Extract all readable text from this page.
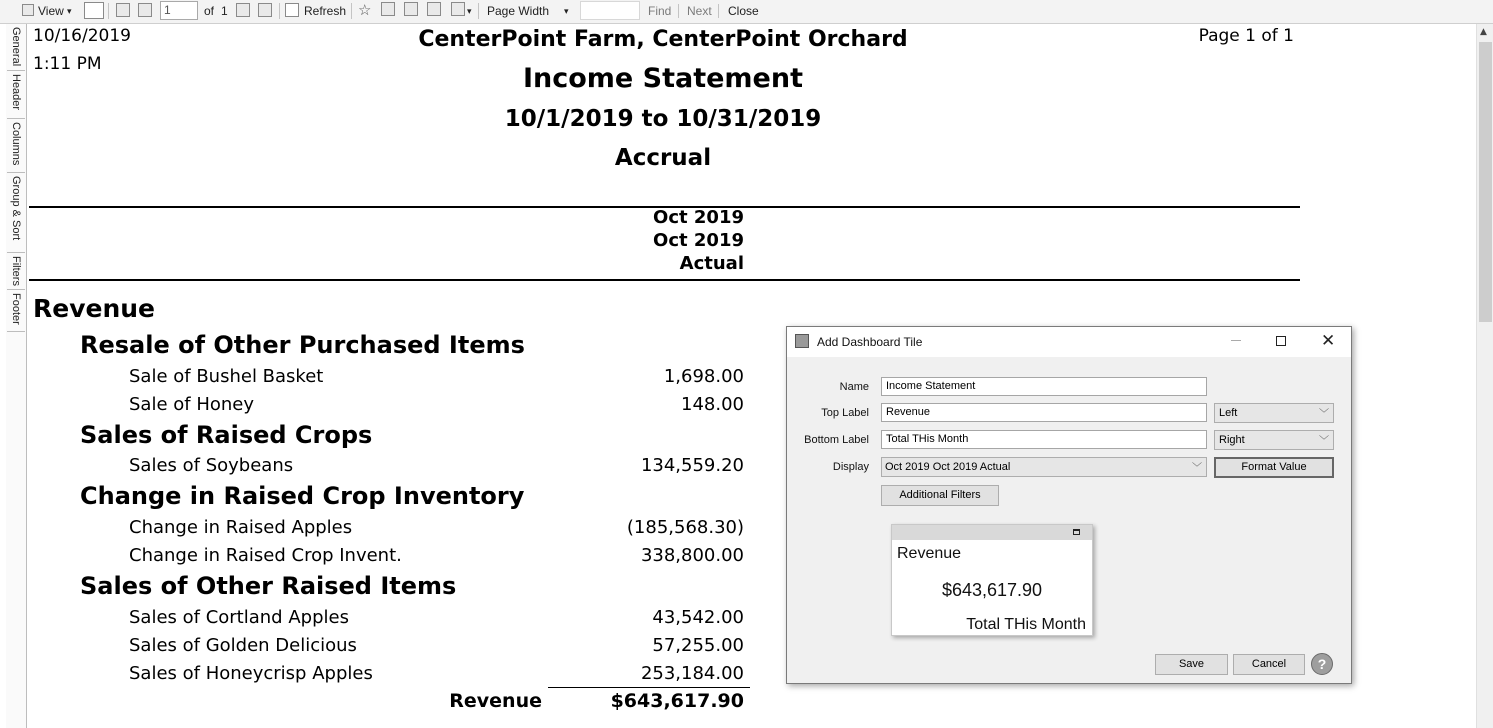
View ▾	1	of 1	Refresh ☆	▾ Page Width ▾	Find Next Close
General
Header
Columns
Group & Sort
Filters
Footer
10/16/2019
1:11 PM
CenterPoint Farm, CenterPoint Orchard	Page 1 of 1
Income Statement
10/1/2019 to 10/31/2019
Accrual
Oct 2019
Oct 2019
Actual
Revenue
Resale of Other Purchased Items
Sale of Bushel Basket	1,698.00
Sale of Honey	148.00
Sales of Raised Crops
Sales of Soybeans	134,559.20
Change in Raised Crop Inventory
Change in Raised Apples	(185,568.30)
Change in Raised Crop Invent.	338,800.00
Sales of Other Raised Items
Sales of Cortland Apples	43,542.00
Sales of Golden Delicious	57,255.00
Sales of Honeycrisp Apples	253,184.00
Revenue	$643,617.90
▲
Add Dashboard Tile	✕
Name	Income Statement
Top Label	Revenue	Left	﹀
Bottom Label	Total THis Month	Right	﹀
Display	Oct 2019 Oct 2019 Actual	﹀	Format Value
Additional Filters
Revenue
$643,617.90
Total THis Month
Save	Cancel	?
